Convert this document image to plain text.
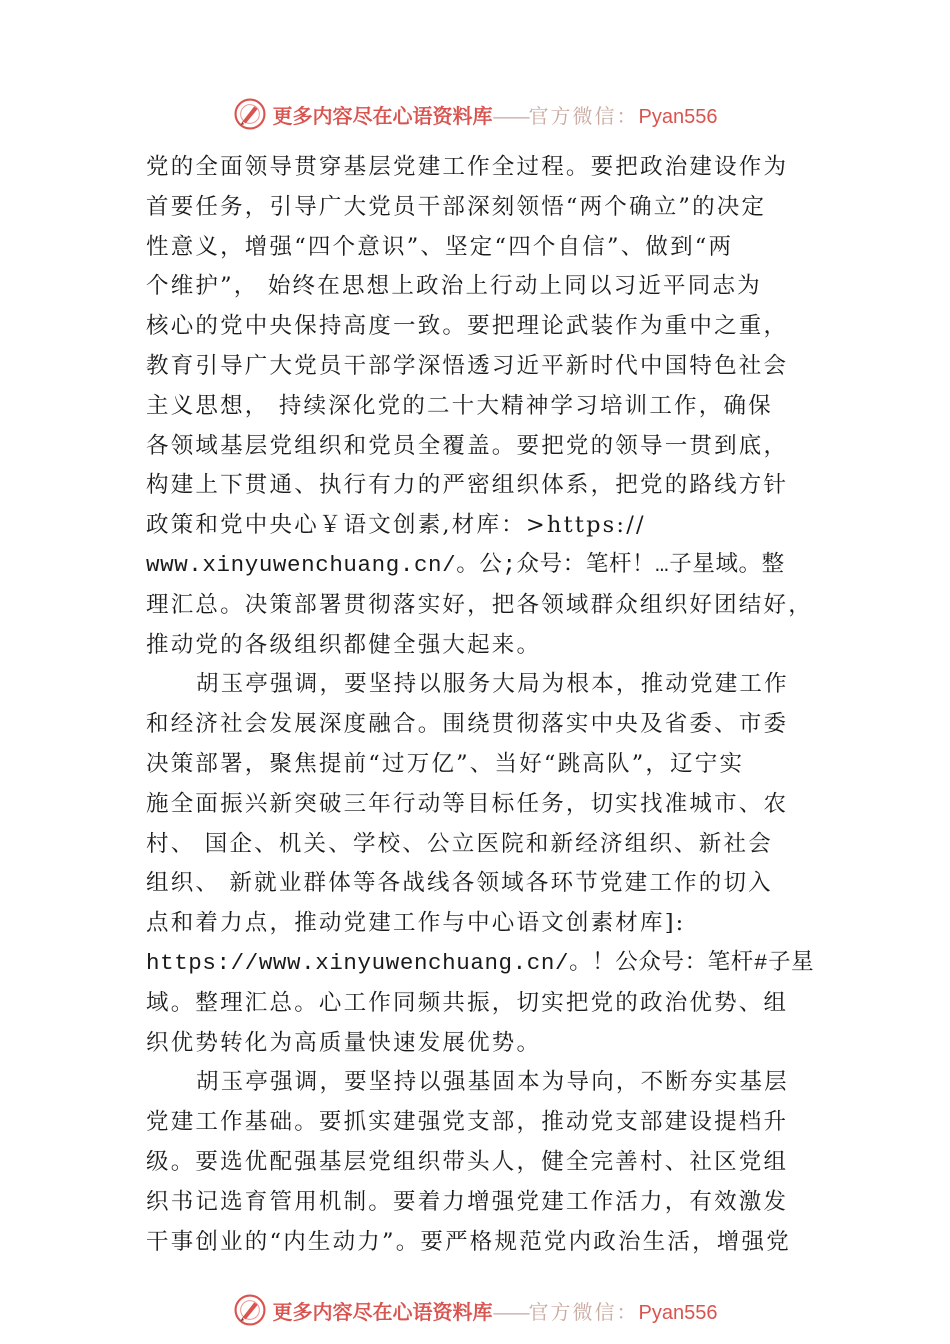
更多内容尽在心语资料库 —— 官方微信： Pyan556
党的全面领导贯穿基层党建工作全过程。要把政治建设作为
首要任务，引导广大党员干部深刻领悟“两个确立”的决定
性意义，增强“四个意识”、坚定“四个自信”、做到“两
个维护”， 始终在思想上政治上行动上同以习近平同志为
核心的党中央保持高度一致。要把理论武装作为重中之重，
教育引导广大党员干部学深悟透习近平新时代中国特色社会
主义思想， 持续深化党的二十大精神学习培训工作，确保
各领域基层党组织和党员全覆盖。要把党的领导一贯到底，
构建上下贯通、执行有力的严密组织体系，把党的路线方针
政策和党中央心￥语文创素,材库：>https://
www.xinyuwenchuang.cn/。公;众号：笔杆！…子星域。整
理汇总。决策部署贯彻落实好，把各领域群众组织好团结好，
推动党的各级组织都健全强大起来。
胡玉亭强调，要坚持以服务大局为根本，推动党建工作
和经济社会发展深度融合。围绕贯彻落实中央及省委、市委
决策部署，聚焦提前“过万亿”、当好“跳高队”，辽宁实
施全面振兴新突破三年行动等目标任务，切实找准城市、农
村、 国企、机关、学校、公立医院和新经济组织、新社会
组织、 新就业群体等各战线各领域各环节党建工作的切入
点和着力点，推动党建工作与中心语文创素材库]:
https://www.xinyuwenchuang.cn/。！公众号：笔杆#子星
域。整理汇总。心工作同频共振，切实把党的政治优势、组
织优势转化为高质量快速发展优势。
胡玉亭强调，要坚持以强基固本为导向，不断夯实基层
党建工作基础。要抓实建强党支部，推动党支部建设提档升
级。要选优配强基层党组织带头人，健全完善村、社区党组
织书记选育管用机制。要着力增强党建工作活力，有效激发
干事创业的“内生动力”。要严格规范党内政治生活，增强党
更多内容尽在心语资料库 —— 官方微信： Pyan556
